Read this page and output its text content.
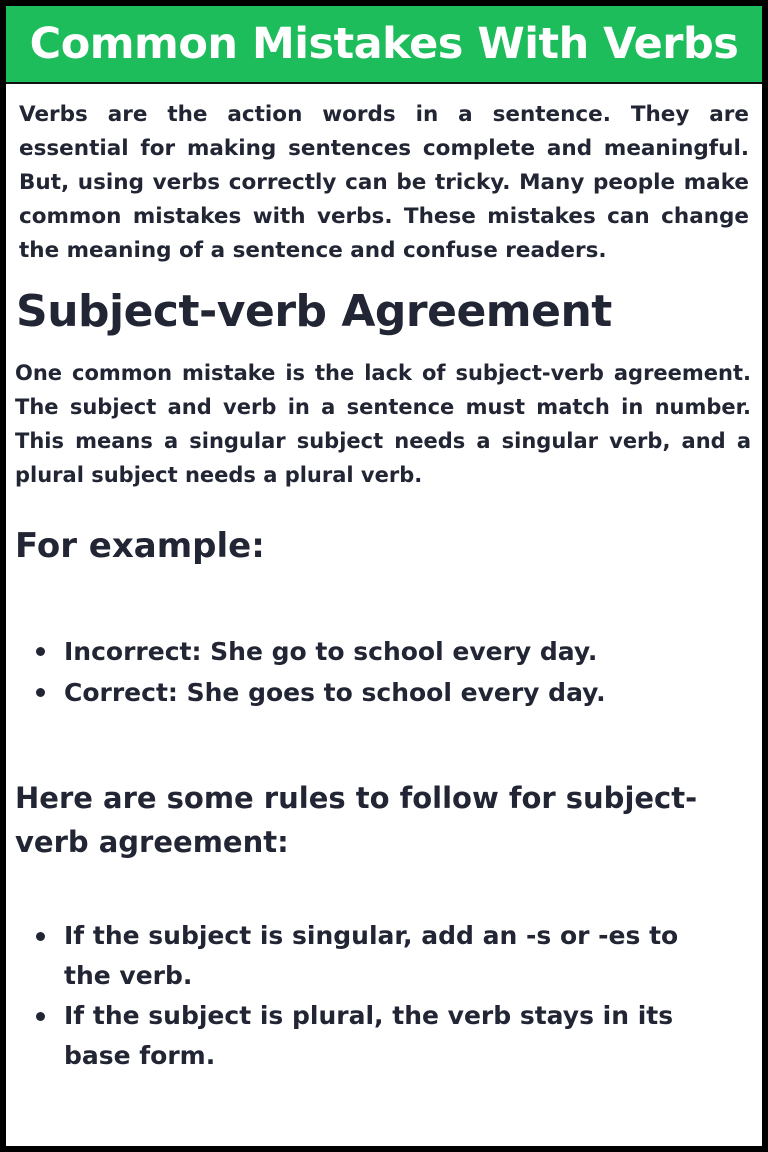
Common Mistakes With Verbs

Verbs are the action words in a sentence. They are essential for making sentences complete and meaningful. But, using verbs correctly can be tricky. Many people make common mistakes with verbs. These mistakes can change the meaning of a sentence and confuse readers.

Subject-verb Agreement

One common mistake is the lack of subject-verb agreement. The subject and verb in a sentence must match in number. This means a singular subject needs a singular verb, and a plural subject needs a plural verb.

For example:
Incorrect: She go to school every day.
Correct: She goes to school every day.
Here are some rules to follow for subject-verb agreement:
If the subject is singular, add an -s or -es to the verb.
If the subject is plural, the verb stays in its base form.
